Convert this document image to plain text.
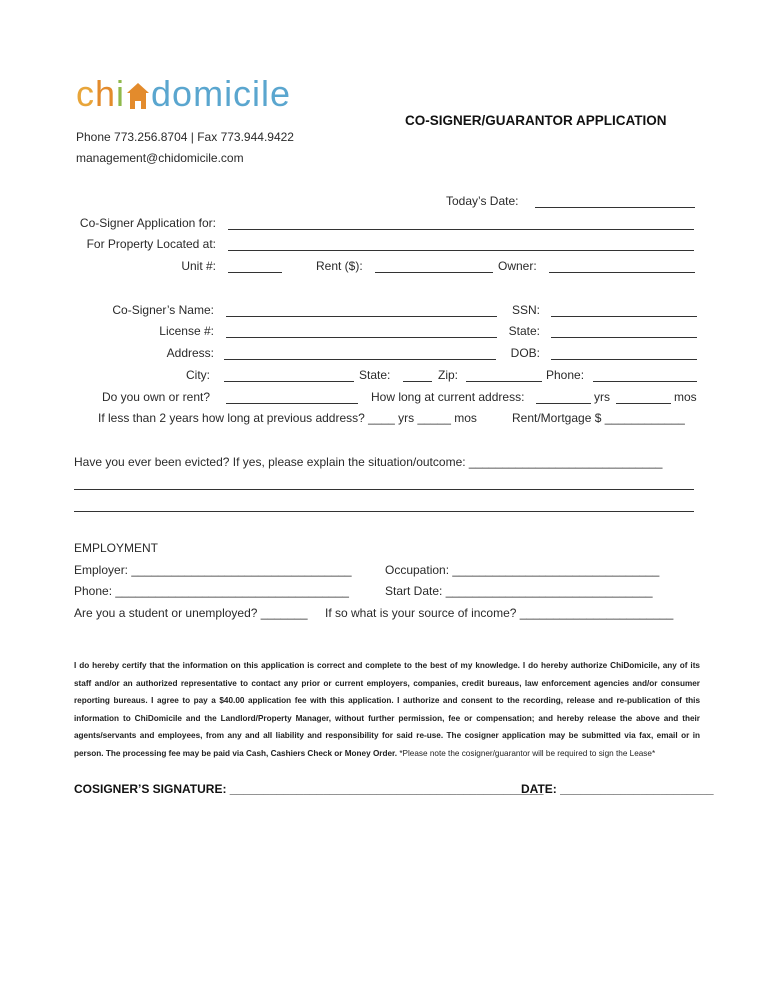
chi domicile
Phone 773.256.8704 | Fax 773.944.9422
management@chidomicile.com
CO-SIGNER/GUARANTOR APPLICATION
Today’s Date:
Co-Signer Application for:
For Property Located at:
Unit #:	Rent ($):	Owner:
Co-Signer’s Name:	SSN:
License #:	State:
Address:	DOB:
City:	State:	Zip:	Phone:
Do you own or rent?	How long at current address:	yrs	mos
If less than 2 years how long at previous address? ____ yrs _____ mos	Rent/Mortgage $ ____________
Have you ever been evicted? If yes, please explain the situation/outcome: _____________________________
EMPLOYMENT
Employer: _________________________________	Occupation: _______________________________
Phone: ___________________________________	Start Date: _______________________________
Are you a student or unemployed? _______ If so what is your source of income? _______________________
I do hereby certify that the information on this application is correct and complete to the best of my knowledge. I do hereby authorize ChiDomicile, any of its staff and/or an authorized representative to contact any prior or current employers, companies, credit bureaus, law enforcement agencies and/or consumer reporting bureaus. I agree to pay a $40.00 application fee with this application. I authorize and consent to the recording, release and re-publication of this information to ChiDomicile and the Landlord/Property Manager, without further permission, fee or compensation; and hereby release the above and their agents/servants and employees, from any and all liability and responsibility for said re-use. The cosigner application may be submitted via fax, email or in person. The processing fee may be paid via Cash, Cashiers Check or Money Order. *Please note the cosigner/guarantor will be required to sign the Lease*
COSIGNER’S SIGNATURE: _______________________________________________
DATE: _______________________
